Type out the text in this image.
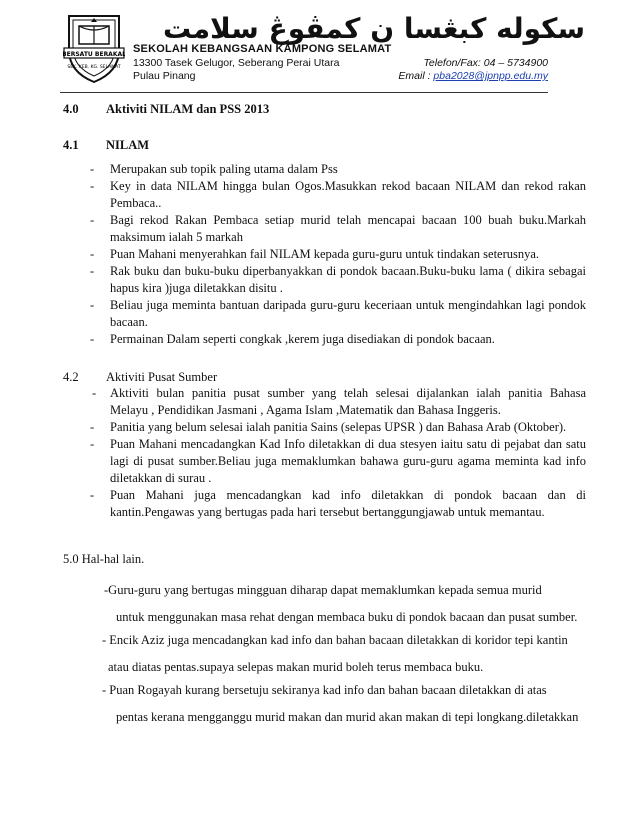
BERSATU BERAKAL
SEK. KEB. KG. SELAMAT
سکوله کبڠسا ن کمڤوڠ سلامت
SEKOLAH KEBANGSAAN KAMPONG SELAMAT
13300 Tasek Gelugor, Seberang Perai Utara
Pulau Pinang
Telefon/Fax: 04 – 5734900
Email : pba2028@jpnpp.edu.my
4.0 Aktiviti NILAM dan PSS 2013
4.1 NILAM
- Merupakan sub topik paling utama dalam Pss
- Key in data NILAM hingga bulan Ogos.Masukkan rekod bacaan NILAM dan rekod rakan
Pembaca..
- Bagi rekod Rakan Pembaca setiap murid telah mencapai bacaan 100 buah buku.Markah
maksimum ialah 5 markah
- Puan Mahani menyerahkan fail NILAM kepada guru-guru untuk tindakan seterusnya.
- Rak buku dan buku-buku diperbanyakkan di pondok bacaan.Buku-buku lama ( dikira sebagai
hapus kira )juga diletakkan disitu .
- Beliau juga meminta bantuan daripada guru-guru keceriaan untuk mengindahkan lagi pondok
bacaan.
- Permainan Dalam seperti congkak ,kerem juga disediakan di pondok bacaan.
4.2 Aktiviti Pusat Sumber
- Aktiviti bulan panitia pusat sumber yang telah selesai dijalankan ialah panitia Bahasa
Melayu , Pendidikan Jasmani , Agama Islam ,Matematik dan Bahasa Inggeris.
- Panitia yang belum selesai ialah panitia Sains (selepas UPSR ) dan Bahasa Arab (Oktober).
- Puan Mahani mencadangkan Kad Info diletakkan di dua stesyen iaitu satu di pejabat dan satu
lagi di pusat sumber.Beliau juga memaklumkan bahawa guru-guru agama meminta kad info
diletakkan di surau .
- Puan Mahani juga mencadangkan kad info diletakkan di pondok bacaan dan di
kantin.Pengawas yang bertugas pada hari tersebut bertanggungjawab untuk memantau.
5.0 Hal-hal lain.
-Guru-guru yang bertugas mingguan diharap dapat memaklumkan kepada semua murid
untuk menggunakan masa rehat dengan membaca buku di pondok bacaan dan pusat sumber.
- Encik Aziz juga mencadangkan kad info dan bahan bacaan diletakkan di koridor tepi kantin
atau diatas pentas.supaya selepas makan murid boleh terus membaca buku.
- Puan Rogayah kurang bersetuju sekiranya kad info dan bahan bacaan diletakkan di atas
pentas kerana mengganggu murid makan dan murid akan makan di tepi longkang.diletakkan
